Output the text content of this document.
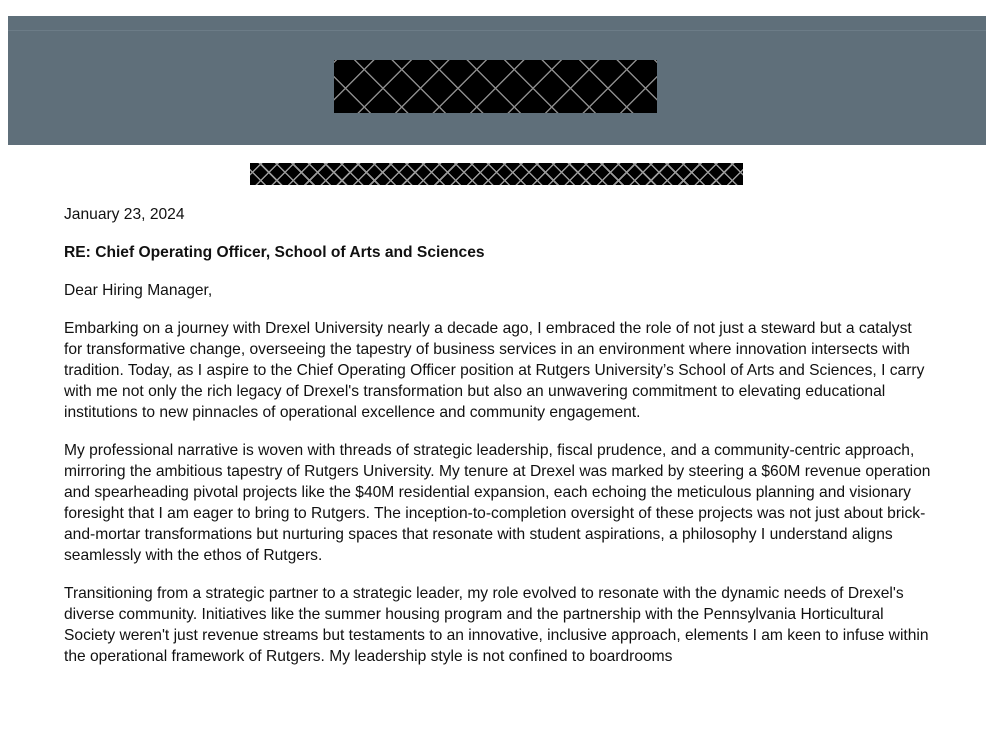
January 23, 2024

RE: Chief Operating Officer, School of Arts and Sciences

Dear Hiring Manager,

Embarking on a journey with Drexel University nearly a decade ago, I embraced the role of not just a steward but a catalyst for transformative change, overseeing the tapestry of business services in an environment where innovation intersects with tradition. Today, as I aspire to the Chief Operating Officer position at Rutgers University’s School of Arts and Sciences, I carry with me not only the rich legacy of Drexel's transformation but also an unwavering commitment to elevating educational institutions to new pinnacles of operational excellence and community engagement.

My professional narrative is woven with threads of strategic leadership, fiscal prudence, and a community-centric approach, mirroring the ambitious tapestry of Rutgers University. My tenure at Drexel was marked by steering a $60M revenue operation and spearheading pivotal projects like the $40M residential expansion, each echoing the meticulous planning and visionary foresight that I am eager to bring to Rutgers. The inception-to-completion oversight of these projects was not just about brick-and-mortar transformations but nurturing spaces that resonate with student aspirations, a philosophy I understand aligns seamlessly with the ethos of Rutgers.

Transitioning from a strategic partner to a strategic leader, my role evolved to resonate with the dynamic needs of Drexel's diverse community. Initiatives like the summer housing program and the partnership with the Pennsylvania Horticultural Society weren't just revenue streams but testaments to an innovative, inclusive approach, elements I am keen to infuse within the operational framework of Rutgers. My leadership style is not confined to boardrooms
